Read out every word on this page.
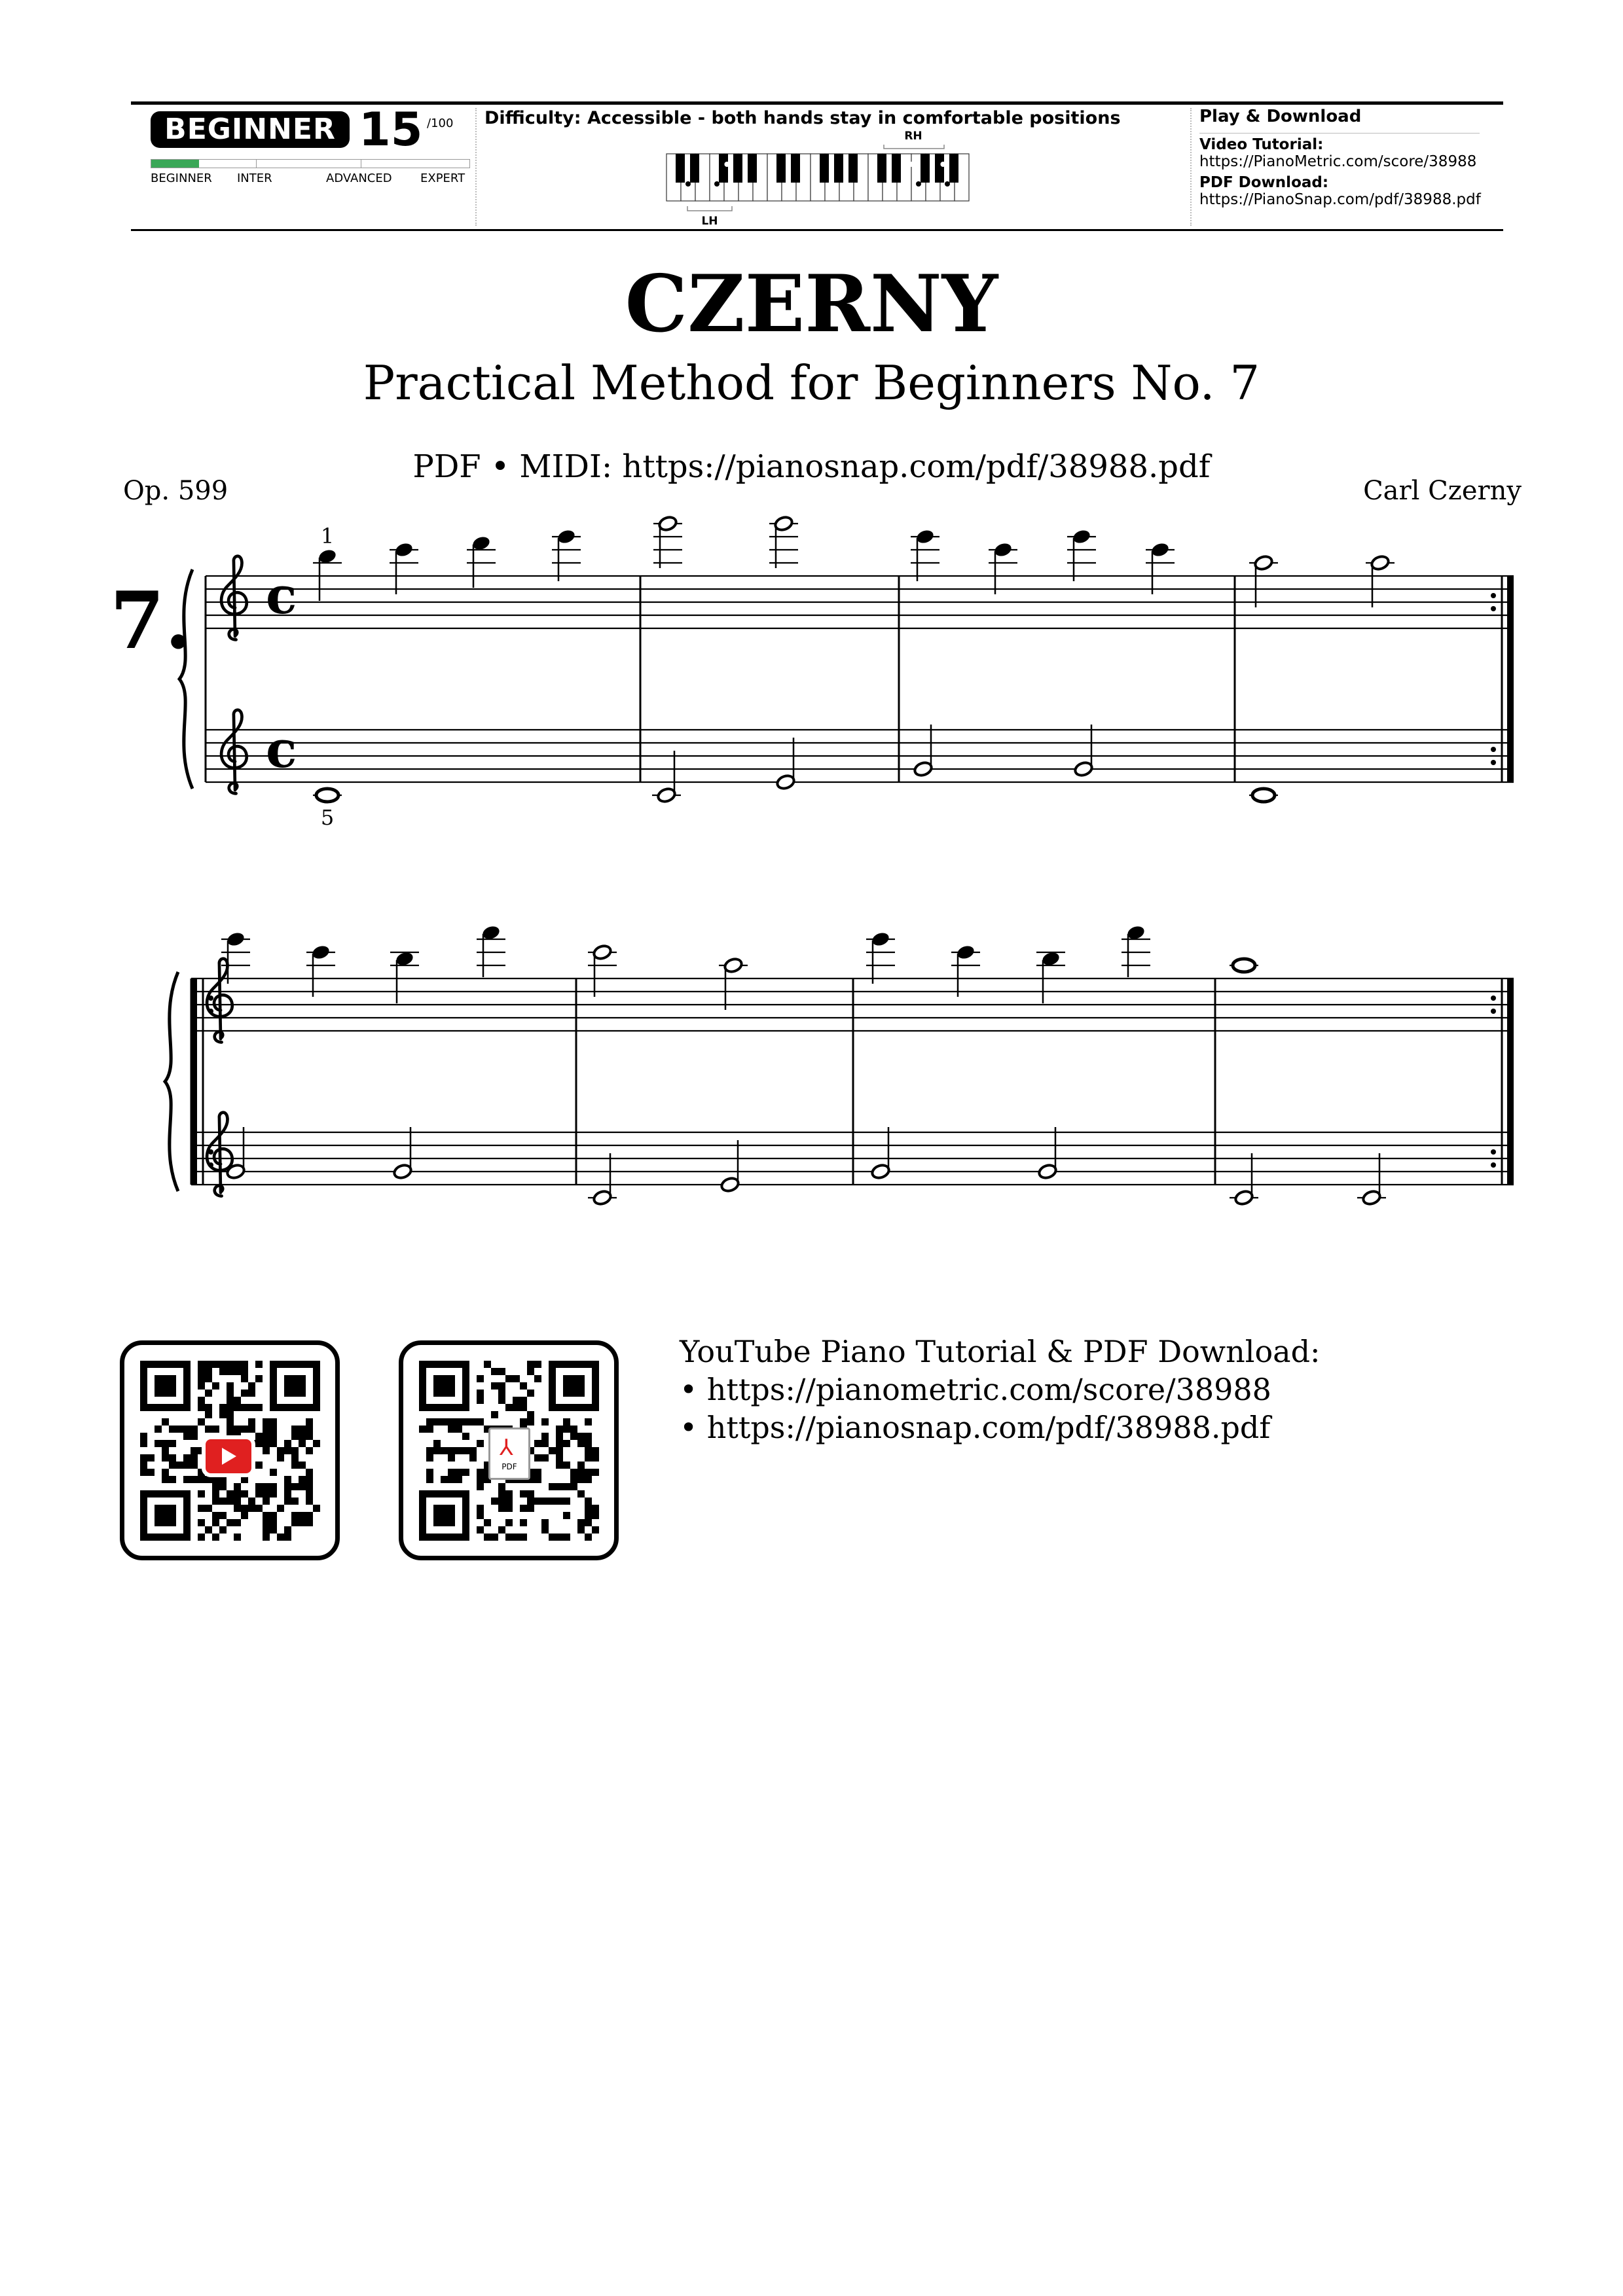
BEGINNER 15 /100
BEGINNER INTER	ADVANCED EXPERT
Difficulty: Accessible - both hands stay in comfortable positions
RH
LH
Play & Download
Video Tutorial:
https://PianoMetric.com/score/38988
PDF Download:
https://PianoSnap.com/pdf/38988.pdf
CZERNY
Practical Method for Beginners No. 7
PDF • MIDI: https://pianosnap.com/pdf/38988.pdf
Op. 599	Carl Czerny
7. c
c
1
5
⅄
PDF
YouTube Piano Tutorial & PDF Download:
• https://pianometric.com/score/38988
• https://pianosnap.com/pdf/38988.pdf
